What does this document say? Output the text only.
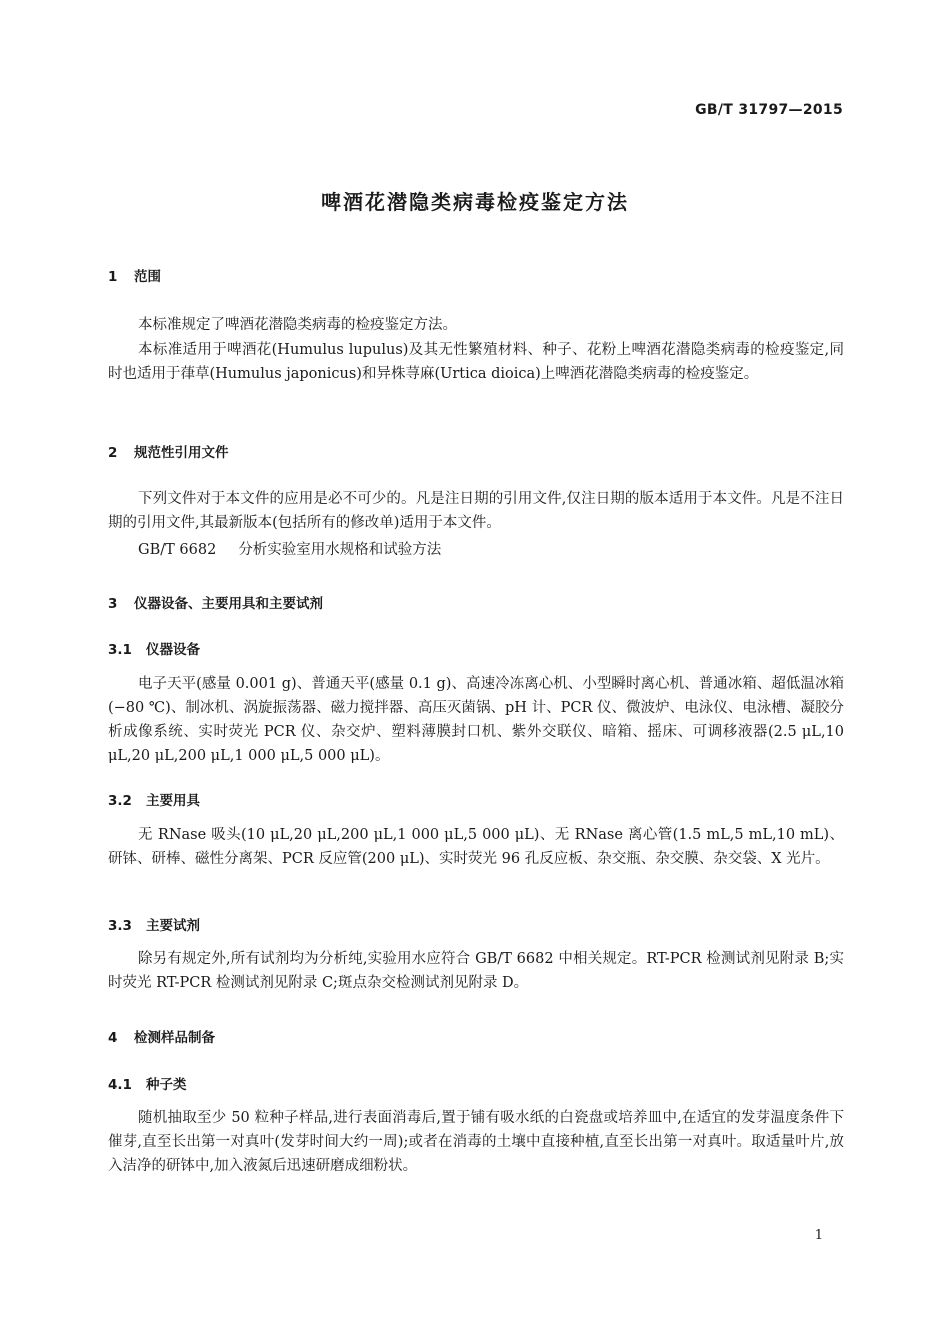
GB/T 31797—2015
啤酒花潜隐类病毒检疫鉴定方法
1 范围

本标准规定了啤酒花潜隐类病毒的检疫鉴定方法。

本标准适用于啤酒花(Humulus lupulus)及其无性繁殖材料、种子、花粉上啤酒花潜隐类病毒的检疫鉴定,同时也适用于葎草(Humulus japonicus)和异株荨麻(Urtica dioica)上啤酒花潜隐类病毒的检疫鉴定。

2 规范性引用文件

下列文件对于本文件的应用是必不可少的。凡是注日期的引用文件,仅注日期的版本适用于本文件。凡是不注日期的引用文件,其最新版本(包括所有的修改单)适用于本文件。

GB/T 6682 分析实验室用水规格和试验方法

3 仪器设备、主要用具和主要试剂
3.1 仪器设备

电子天平(感量 0.001 g)、普通天平(感量 0.1 g)、高速冷冻离心机、小型瞬时离心机、普通冰箱、超低温冰箱(−80 ℃)、制冰机、涡旋振荡器、磁力搅拌器、高压灭菌锅、pH 计、PCR 仪、微波炉、电泳仪、电泳槽、凝胶分析成像系统、实时荧光 PCR 仪、杂交炉、塑料薄膜封口机、紫外交联仪、暗箱、摇床、可调移液器(2.5 μL,10 μL,20 μL,200 μL,1 000 μL,5 000 μL)。

3.2 主要用具

无 RNase 吸头(10 μL,20 μL,200 μL,1 000 μL,5 000 μL)、无 RNase 离心管(1.5 mL,5 mL,10 mL)、研钵、研棒、磁性分离架、PCR 反应管(200 μL)、实时荧光 96 孔反应板、杂交瓶、杂交膜、杂交袋、X 光片。

3.3 主要试剂

除另有规定外,所有试剂均为分析纯,实验用水应符合 GB/T 6682 中相关规定。RT-PCR 检测试剂见附录 B;实时荧光 RT-PCR 检测试剂见附录 C;斑点杂交检测试剂见附录 D。

4 检测样品制备
4.1 种子类

随机抽取至少 50 粒种子样品,进行表面消毒后,置于铺有吸水纸的白瓷盘或培养皿中,在适宜的发芽温度条件下催芽,直至长出第一对真叶(发芽时间大约一周);或者在消毒的土壤中直接种植,直至长出第一对真叶。取适量叶片,放入洁净的研钵中,加入液氮后迅速研磨成细粉状。

1
